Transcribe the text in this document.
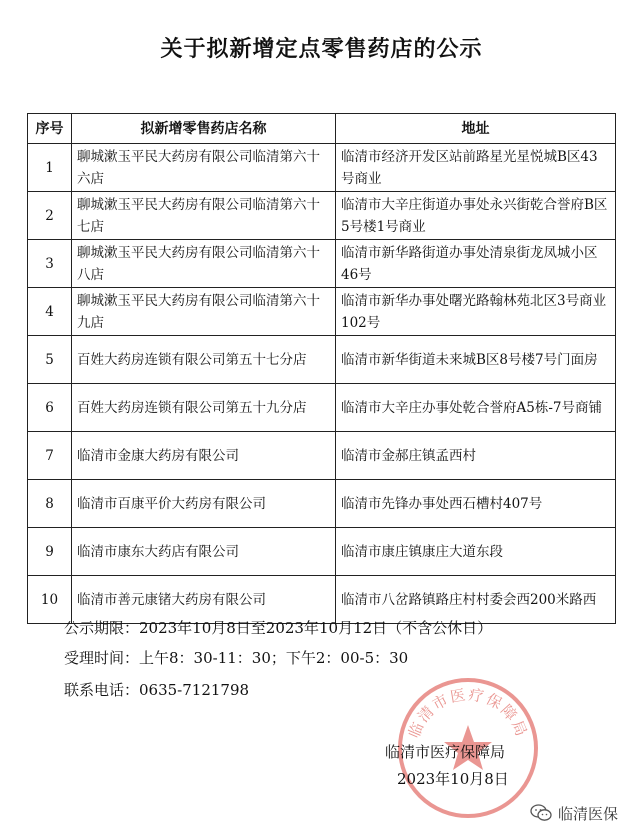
关于拟新增定点零售药店的公示
序号	拟新增零售药店名称	地址
1	聊城漱玉平民大药房有限公司临清第六十六店	临清市经济开发区站前路星光星悦城B区43号商业
2	聊城漱玉平民大药房有限公司临清第六十七店	临清市大辛庄街道办事处永兴街乾合誉府B区5号楼1号商业
3	聊城漱玉平民大药房有限公司临清第六十八店	临清市新华路街道办事处清泉街龙凤城小区46号
4	聊城漱玉平民大药房有限公司临清第六十九店	临清市新华办事处曙光路翰林苑北区3号商业102号
5	百姓大药房连锁有限公司第五十七分店	临清市新华街道未来城B区8号楼7号门面房
6	百姓大药房连锁有限公司第五十九分店	临清市大辛庄办事处乾合誉府A5栋-7号商铺
7	临清市金康大药房有限公司	临清市金郝庄镇孟西村
8	临清市百康平价大药房有限公司	临清市先锋办事处西石槽村407号
9	临清市康东大药店有限公司	临清市康庄镇康庄大道东段
10	临清市善元康锗大药房有限公司	临清市八岔路镇路庄村村委会西200米路西
公示期限：2023年10月8日至2023年10月12日（不含公休日）
受理时间：上午8：30-11：30；下午2：00-5：30
联系电话：0635-7121798
临清市医疗保障局
临清市医疗保障局
2023年10月8日
临清医保
